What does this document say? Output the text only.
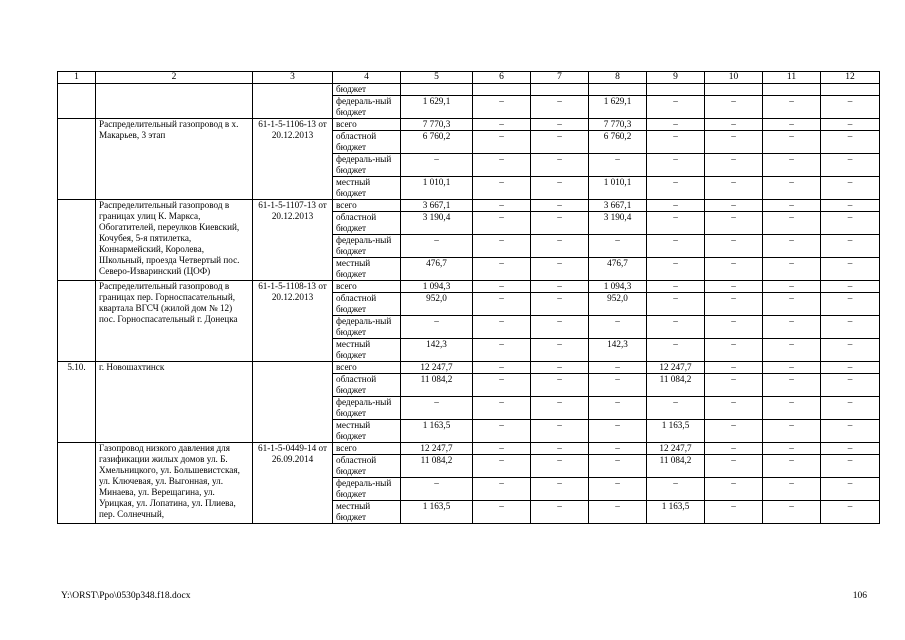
1	2	3	4	5	6	7	8	9	10	11	12
			бюджет								
			федераль-ный бюджет	1 629,1	–	–	1 629,1	–	–	–	–
	Распределительный газопровод в х. Макарьев, 3 этап	61-1-5-1106-13 от 20.12.2013	всего	7 770,3	–	–	7 770,3	–	–	–	–
			областной бюджет	6 760,2	–	–	6 760,2	–	–	–	–
			федераль-ный бюджет	–	–	–	–	–	–	–	–
			местный бюджет	1 010,1	–	–	1 010,1	–	–	–	–
	Распределительный газопровод в границах улиц К. Маркса, Обогатителей, переулков Киевский, Кочубея, 5-я пятилетка, Коннармейский, Королева, Школьный, проезда Четвертый пос. Северо-Изваринский (ЦОФ)	61-1-5-1107-13 от 20.12.2013	всего	3 667,1	–	–	3 667,1	–	–	–	–
			областной бюджет	3 190,4	–	–	3 190,4	–	–	–	–
			федераль-ный бюджет	–	–	–	–	–	–	–	–
			местный бюджет	476,7	–	–	476,7	–	–	–	–
	Распределительный газопровод в границах пер. Горноспасательный, квартала ВГСЧ (жилой дом № 12) пос. Горноспасательный г. Донецка	61-1-5-1108-13 от 20.12.2013	всего	1 094,3	–	–	1 094,3	–	–	–	–
			областной бюджет	952,0	–	–	952,0	–	–	–	–
			федераль-ный бюджет	–	–	–	–	–	–	–	–
			местный бюджет	142,3	–	–	142,3	–	–	–	–
5.10.	г. Новошахтинск		всего	12 247,7	–	–	–	12 247,7	–	–	–
			областной бюджет	11 084,2	–	–	–	11 084,2	–	–	–
			федераль-ный бюджет	–	–	–	–	–	–	–	–
			местный бюджет	1 163,5	–	–	–	1 163,5	–	–	–
	Газопровод низкого давления для газификации жилых домов ул. Б. Хмельницкого, ул. Большевистская, ул. Ключевая, ул. Выгонная, ул. Минаева, ул. Верещагина, ул. Урицкая, ул. Лопатина, ул. Плиева, пер. Солнечный,	61-1-5-0449-14 от 26.09.2014	всего	12 247,7	–	–	–	12 247,7	–	–	–
			областной бюджет	11 084,2	–	–	–	11 084,2	–	–	–
			федераль-ный бюджет	–	–	–	–	–	–	–	–
			местный бюджет	1 163,5	–	–	–	1 163,5	–	–	–
Y:\ORST\Ppo\0530p348.f18.docx	106
